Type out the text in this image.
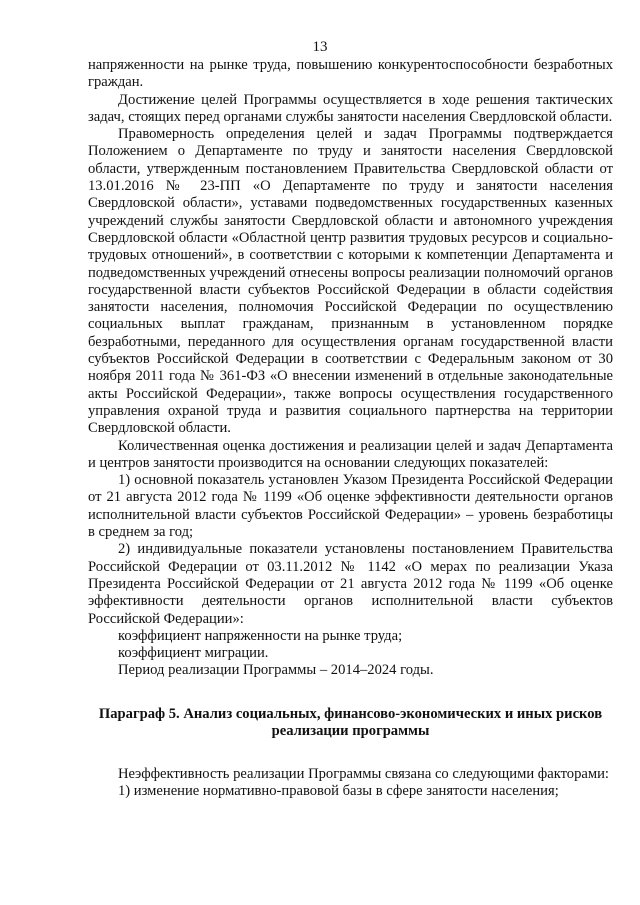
13

напряженности на рынке труда, повышению конкурентоспособности безработных граждан.

Достижение целей Программы осуществляется в ходе решения тактических задач, стоящих перед органами службы занятости населения Свердловской области.

Правомерность определения целей и задач Программы подтверждается Положением о Департаменте по труду и занятости населения Свердловской области, утвержденным постановлением Правительства Свердловской области от 13.01.2016 № 23-ПП «О Департаменте по труду и занятости населения Свердловской области», уставами подведомственных государственных казенных учреждений службы занятости Свердловской области и автономного учреждения Свердловской области «Областной центр развития трудовых ресурсов и социально-трудовых отношений», в соответствии с которыми к компетенции Департамента и подведомственных учреждений отнесены вопросы реализации полномочий органов государственной власти субъектов Российской Федерации в области содействия занятости населения, полномочия Российской Федерации по осуществлению социальных выплат гражданам, признанным в установленном порядке безработными, переданного для осуществления органам государственной власти субъектов Российской Федерации в соответствии с Федеральным законом от 30 ноября 2011 года № 361-ФЗ «О внесении изменений в отдельные законодательные акты Российской Федерации», также вопросы осуществления государственного управления охраной труда и развития социального партнерства на территории Свердловской области.

Количественная оценка достижения и реализации целей и задач Департамента и центров занятости производится на основании следующих показателей:

1) основной показатель установлен Указом Президента Российской Федерации от 21 августа 2012 года № 1199 «Об оценке эффективности деятельности органов исполнительной власти субъектов Российской Федерации» – уровень безработицы в среднем за год;

2) индивидуальные показатели установлены постановлением Правительства Российской Федерации от 03.11.2012 № 1142 «О мерах по реализации Указа Президента Российской Федерации от 21 августа 2012 года № 1199 «Об оценке эффективности деятельности органов исполнительной власти субъектов Российской Федерации»:

коэффициент напряженности на рынке труда;

коэффициент миграции.

Период реализации Программы – 2014–2024 годы.

Параграф 5. Анализ социальных, финансово-экономических и иных рисков реализации программы

Неэффективность реализации Программы связана со следующими факторами:

1) изменение нормативно-правовой базы в сфере занятости населения;
